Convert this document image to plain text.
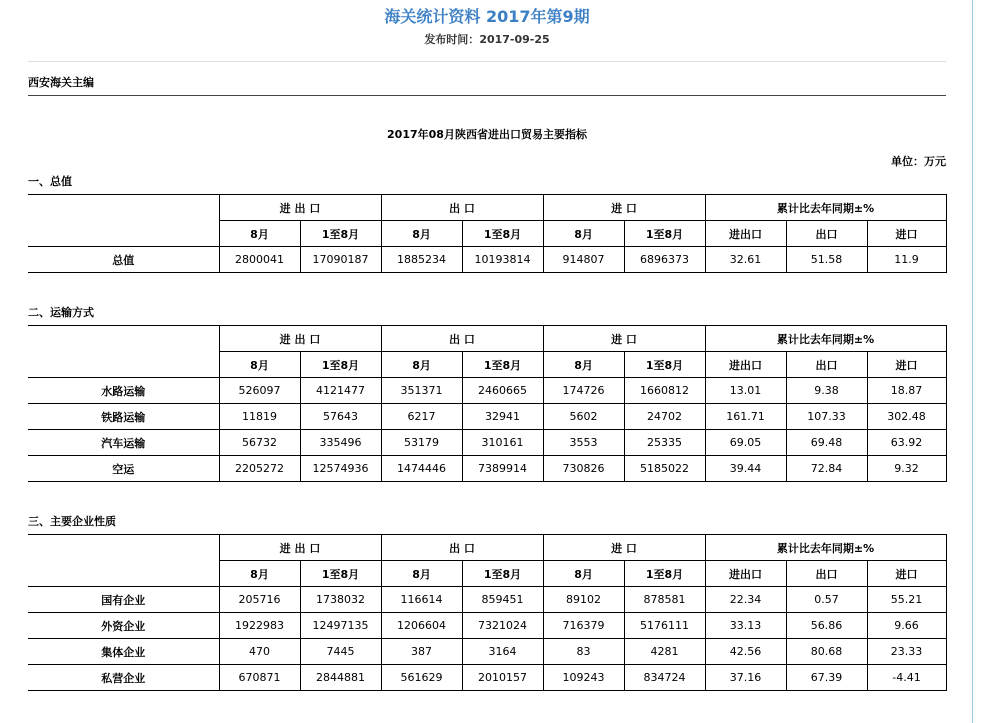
海关统计资料 2017年第9期
发布时间：2017-09-25
西安海关主编
2017年08月陕西省进出口贸易主要指标
单位：万元
一、总值
	进 出 口		出 口		进 口		累计比去年同期±%		
	8月	1至8月	8月	1至8月	8月	1至8月	进出口	出口	进口
总值	2800041	17090187	1885234	10193814	914807	6896373	32.61	51.58	11.9
二、运输方式
	进 出 口		出 口		进 口		累计比去年同期±%		
	8月	1至8月	8月	1至8月	8月	1至8月	进出口	出口	进口
水路运输	526097	4121477	351371	2460665	174726	1660812	13.01	9.38	18.87
铁路运输	11819	57643	6217	32941	5602	24702	161.71	107.33	302.48
汽车运输	56732	335496	53179	310161	3553	25335	69.05	69.48	63.92
空运	2205272	12574936	1474446	7389914	730826	5185022	39.44	72.84	9.32
三、主要企业性质
	进 出 口		出 口		进 口		累计比去年同期±%		
	8月	1至8月	8月	1至8月	8月	1至8月	进出口	出口	进口
国有企业	205716	1738032	116614	859451	89102	878581	22.34	0.57	55.21
外资企业	1922983	12497135	1206604	7321024	716379	5176111	33.13	56.86	9.66
集体企业	470	7445	387	3164	83	4281	42.56	80.68	23.33
私营企业	670871	2844881	561629	2010157	109243	834724	37.16	67.39	-4.41
